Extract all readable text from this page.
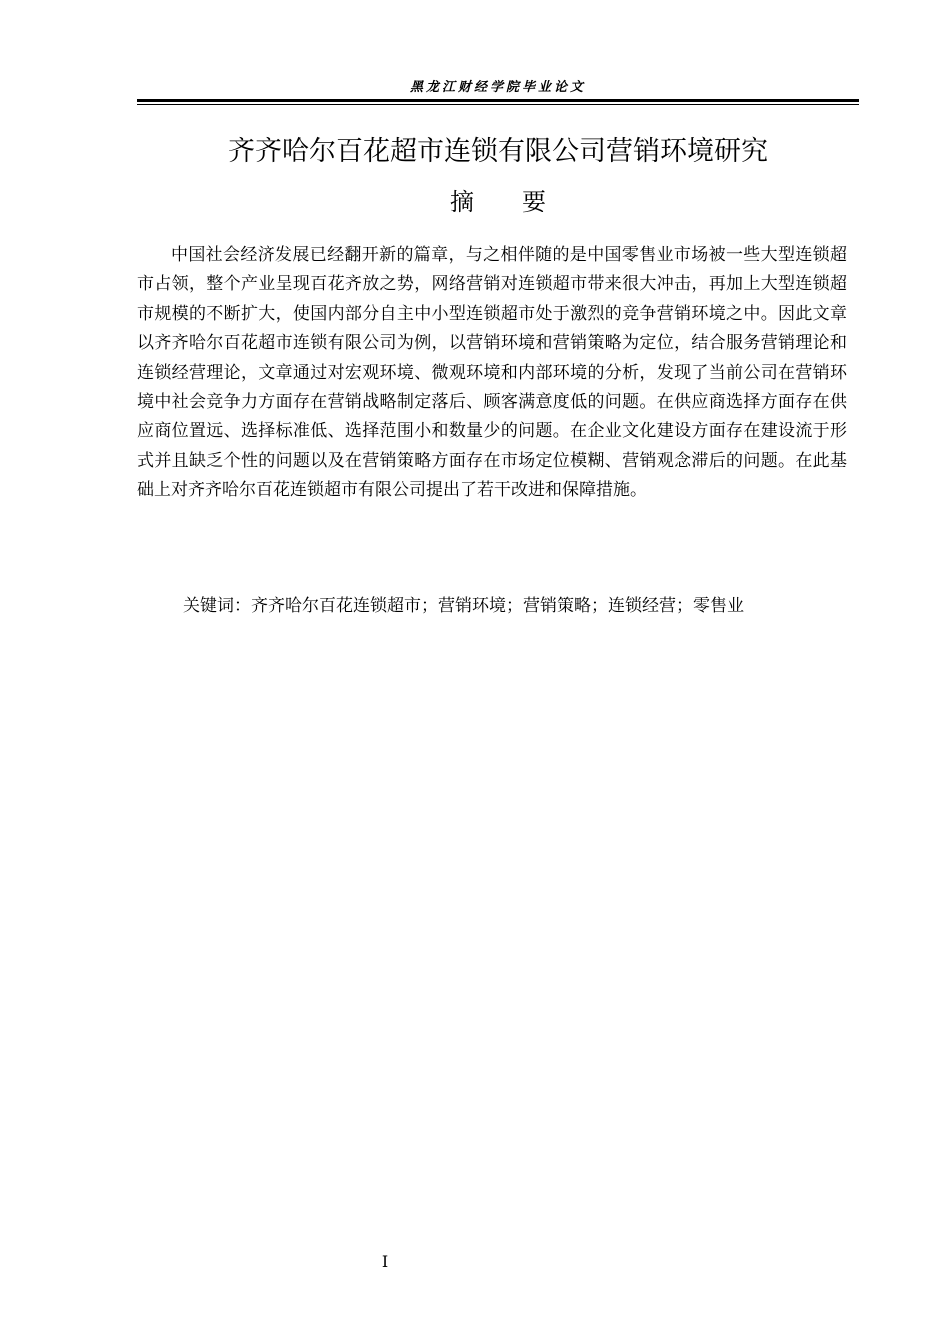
黑龙江财经学院毕业论文
齐齐哈尔百花超市连锁有限公司营销环境研究
摘要

中国社会经济发展已经翻开新的篇章，与之相伴随的是中国零售业市场被一些大型连锁超市占领，整个产业呈现百花齐放之势，网络营销对连锁超市带来很大冲击，再加上大型连锁超市规模的不断扩大，使国内部分自主中小型连锁超市处于激烈的竞争营销环境之中。因此文章以齐齐哈尔百花超市连锁有限公司为例，以营销环境和营销策略为定位，结合服务营销理论和连锁经营理论，文章通过对宏观环境、微观环境和内部环境的分析，发现了当前公司在营销环境中社会竞争力方面存在营销战略制定落后、顾客满意度低的问题。在供应商选择方面存在供应商位置远、选择标准低、选择范围小和数量少的问题。在企业文化建设方面存在建设流于形式并且缺乏个性的问题以及在营销策略方面存在市场定位模糊、营销观念滞后的问题。在此基础上对齐齐哈尔百花连锁超市有限公司提出了若干改进和保障措施。

关键词：齐齐哈尔百花连锁超市；营销环境；营销策略；连锁经营；零售业
I
